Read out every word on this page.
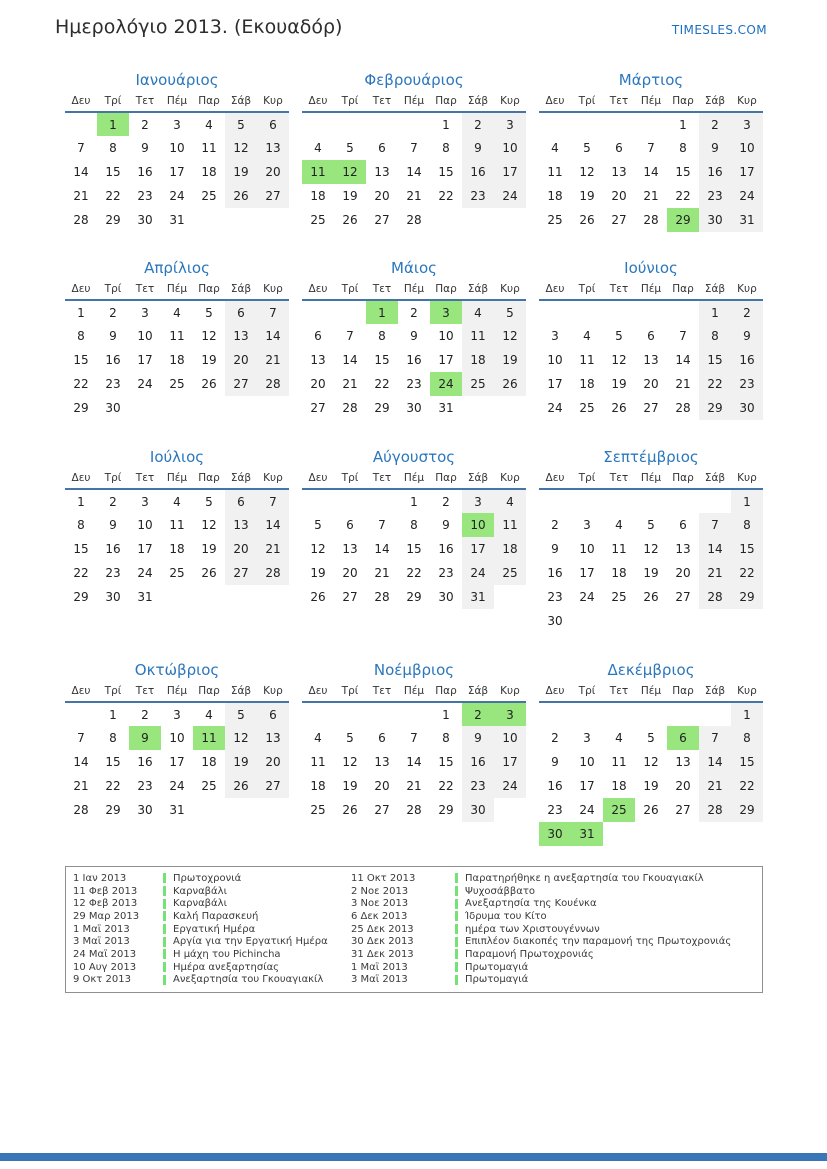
Ημερολόγιο 2013. (Εκουαδόρ)	TIMESLES.COM
Ιανουάριος
Δευ	Τρί	Τετ	Πέμ	Παρ	Σάβ	Κυρ
	1	2	3	4	5	6
7	8	9	10	11	12	13
14	15	16	17	18	19	20
21	22	23	24	25	26	27
28	29	30	31			
Φεβρουάριος
Δευ	Τρί	Τετ	Πέμ	Παρ	Σάβ	Κυρ
				1	2	3
4	5	6	7	8	9	10
11	12	13	14	15	16	17
18	19	20	21	22	23	24
25	26	27	28			
Μάρτιος
Δευ	Τρί	Τετ	Πέμ	Παρ	Σάβ	Κυρ
				1	2	3
4	5	6	7	8	9	10
11	12	13	14	15	16	17
18	19	20	21	22	23	24
25	26	27	28	29	30	31
Απρίλιος
Δευ	Τρί	Τετ	Πέμ	Παρ	Σάβ	Κυρ
1	2	3	4	5	6	7
8	9	10	11	12	13	14
15	16	17	18	19	20	21
22	23	24	25	26	27	28
29	30					
Μάιος
Δευ	Τρί	Τετ	Πέμ	Παρ	Σάβ	Κυρ
		1	2	3	4	5
6	7	8	9	10	11	12
13	14	15	16	17	18	19
20	21	22	23	24	25	26
27	28	29	30	31		
Ιούνιος
Δευ	Τρί	Τετ	Πέμ	Παρ	Σάβ	Κυρ
					1	2
3	4	5	6	7	8	9
10	11	12	13	14	15	16
17	18	19	20	21	22	23
24	25	26	27	28	29	30
Ιούλιος
Δευ	Τρί	Τετ	Πέμ	Παρ	Σάβ	Κυρ
1	2	3	4	5	6	7
8	9	10	11	12	13	14
15	16	17	18	19	20	21
22	23	24	25	26	27	28
29	30	31				
Αύγουστος
Δευ	Τρί	Τετ	Πέμ	Παρ	Σάβ	Κυρ
			1	2	3	4
5	6	7	8	9	10	11
12	13	14	15	16	17	18
19	20	21	22	23	24	25
26	27	28	29	30	31	
Σεπτέμβριος
Δευ	Τρί	Τετ	Πέμ	Παρ	Σάβ	Κυρ
						1
2	3	4	5	6	7	8
9	10	11	12	13	14	15
16	17	18	19	20	21	22
23	24	25	26	27	28	29
30						
Οκτώβριος
Δευ	Τρί	Τετ	Πέμ	Παρ	Σάβ	Κυρ
	1	2	3	4	5	6
7	8	9	10	11	12	13
14	15	16	17	18	19	20
21	22	23	24	25	26	27
28	29	30	31			
Νοέμβριος
Δευ	Τρί	Τετ	Πέμ	Παρ	Σάβ	Κυρ
				1	2	3
4	5	6	7	8	9	10
11	12	13	14	15	16	17
18	19	20	21	22	23	24
25	26	27	28	29	30	
Δεκέμβριος
Δευ	Τρί	Τετ	Πέμ	Παρ	Σάβ	Κυρ
						1
2	3	4	5	6	7	8
9	10	11	12	13	14	15
16	17	18	19	20	21	22
23	24	25	26	27	28	29
30	31					
1 Ιαν 2013	Πρωτοχρονιά	11 Οκτ 2013	Παρατηρήθηκε η ανεξαρτησία του Γκουαγιακίλ
11 Φεβ 2013	Καρναβάλι	2 Νοε 2013	Ψυχοσάββατο
12 Φεβ 2013	Καρναβάλι	3 Νοε 2013	Ανεξαρτησία της Κουένκα
29 Μαρ 2013	Καλή Παρασκευή	6 Δεκ 2013	Ίδρυμα του Κίτο
1 Μαΐ 2013	Εργατική Ημέρα	25 Δεκ 2013	ημέρα των Χριστουγέννων
3 Μαΐ 2013	Αργία για την Εργατική Ημέρα	30 Δεκ 2013	Επιπλέον διακοπές την παραμονή της Πρωτοχρονιάς
24 Μαΐ 2013	Η μάχη του Pichincha	31 Δεκ 2013	Παραμονή Πρωτοχρονιάς
10 Αυγ 2013	Ημέρα ανεξαρτησίας	1 Μαΐ 2013	Πρωτομαγιά
9 Οκτ 2013	Ανεξαρτησία του Γκουαγιακίλ	3 Μαΐ 2013	Πρωτομαγιά
